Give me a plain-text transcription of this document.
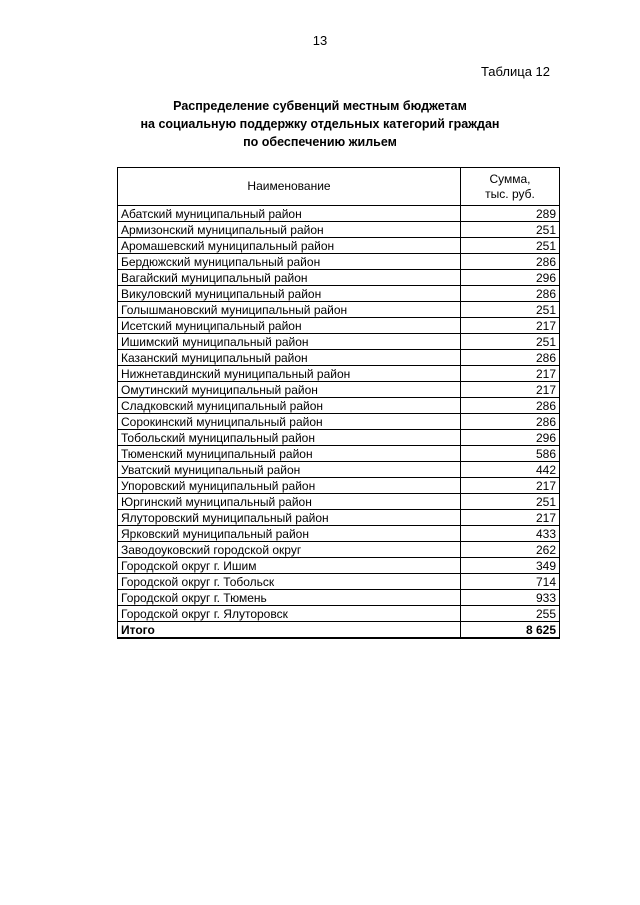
13
Таблица 12
Распределение субвенций местным бюджетам
на социальную поддержку отдельных категорий граждан
по обеспечению жильем
Наименование	Сумма,
тыс. руб.

Абатский муниципальный район	289
Армизонский муниципальный район	251
Аромашевский муниципальный район	251
Бердюжский муниципальный район	286
Вагайский муниципальный район	296
Викуловский муниципальный район	286
Голышмановский муниципальный район	251
Исетский муниципальный район	217
Ишимский муниципальный район	251
Казанский муниципальный район	286
Нижнетавдинский муниципальный район	217
Омутинский муниципальный район	217
Сладковский муниципальный район	286
Сорокинский муниципальный район	286
Тобольский муниципальный район	296
Тюменский муниципальный район	586
Уватский муниципальный район	442
Упоровский муниципальный район	217
Юргинский муниципальный район	251
Ялуторовский муниципальный район	217
Ярковский муниципальный район	433
Заводоуковский городской округ	262
Городской округ г. Ишим	349
Городской округ г. Тобольск	714
Городской округ г. Тюмень	933
Городской округ г. Ялуторовск	255
Итого	8 625
